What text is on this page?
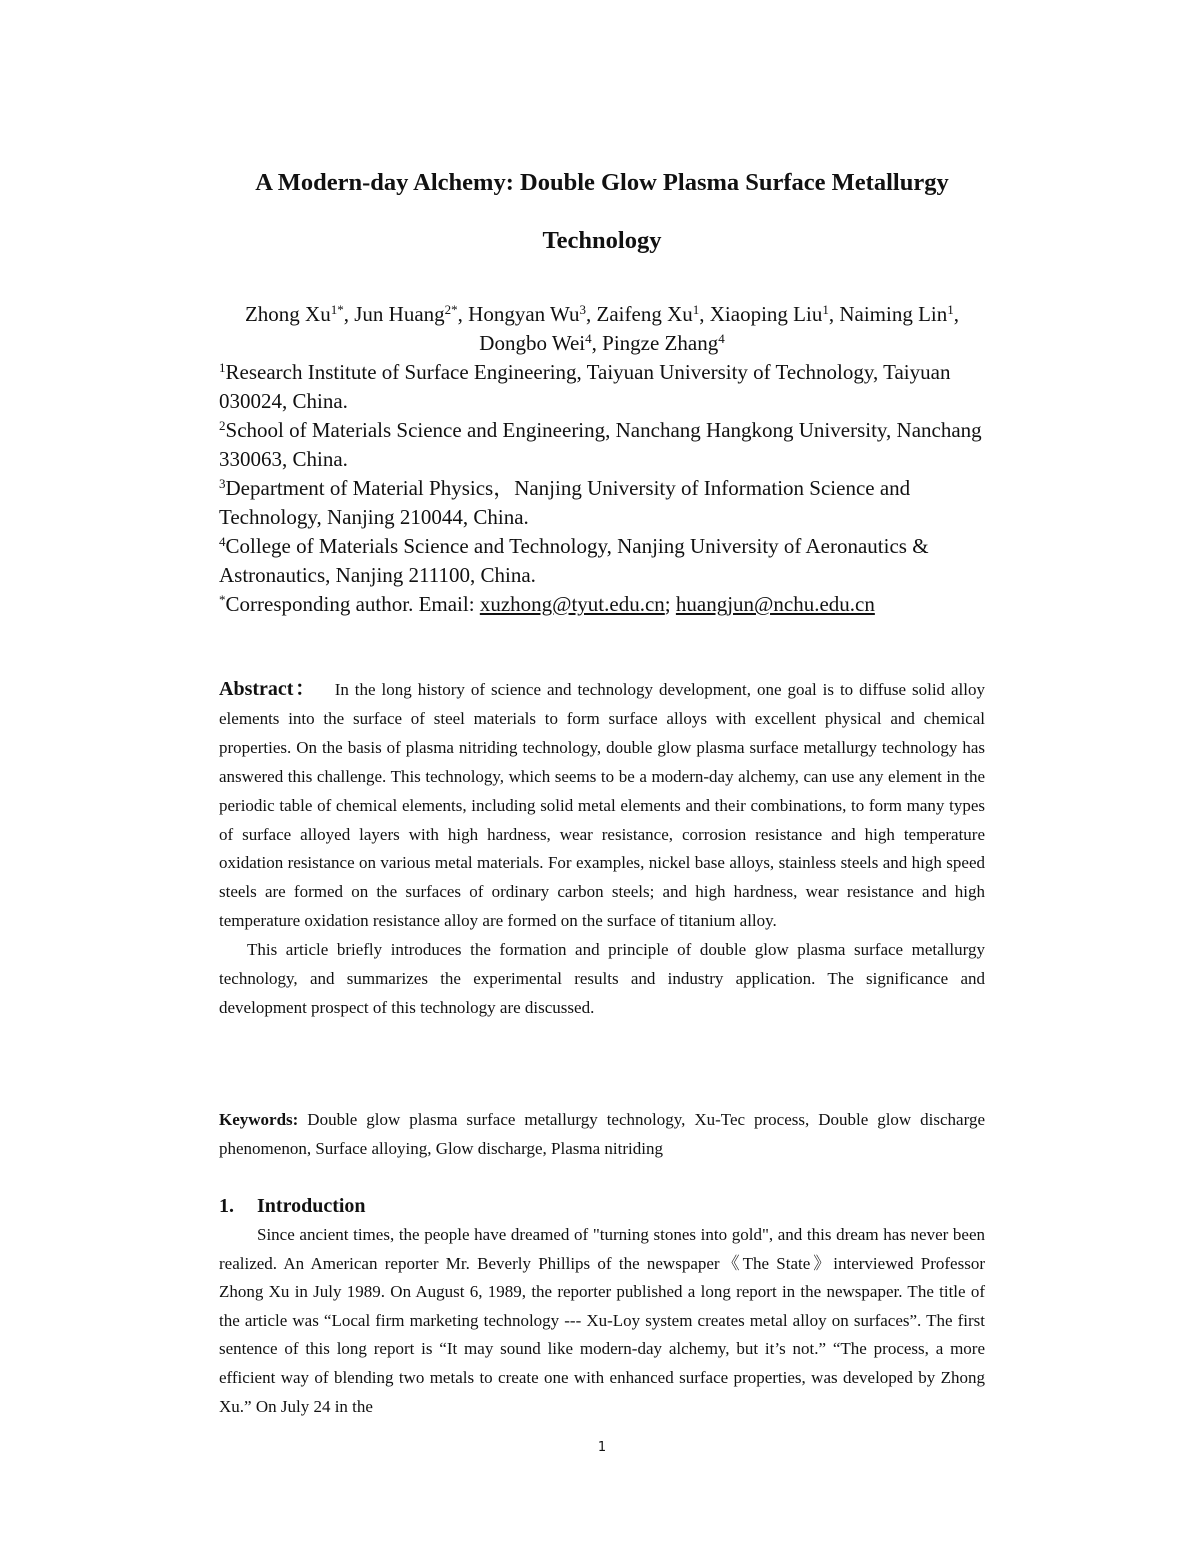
A Modern-day Alchemy: Double Glow Plasma Surface Metallurgy Technology

Zhong $Xu^{1*}$, Jun Huang$^{2*}$, Hongyan Wu$^3$, Zaifeng Xu$^1$, Xiaoping Liu$^1$, Naiming Lin$^1$,
Dongbo Wei$^4$, Pingze Zhang$^4$

$^1$Research Institute of Surface Engineering, Taiyuan University of Technology, Taiyuan 030024, China.

$^2$School of Materials Science and Engineering, Nanchang Hangkong University, Nanchang 330063, China.

$^3$Department of Material Physics，Nanjing University of Information Science and Technology, Nanjing 210044, China.

$^4$College of Materials Science and Technology, Nanjing University of Aeronautics & Astronautics, Nanjing 211100, China.

*Corresponding author. Email: xuzhong@tyut.edu.cn; huangjun@nchu.edu.cn

Abstract： In the long history of science and technology development, one goal is to diffuse solid alloy elements into the surface of steel materials to form surface alloys with excellent physical and chemical properties. On the basis of plasma nitriding technology, double glow plasma surface metallurgy technology has answered this challenge. This technology, which seems to be a modern-day alchemy, can use any element in the periodic table of chemical elements, including solid metal elements and their combinations, to form many types of surface alloyed layers with high hardness, wear resistance, corrosion resistance and high temperature oxidation resistance on various metal materials. For examples, nickel base alloys, stainless steels and high speed steels are formed on the surfaces of ordinary carbon steels; and high hardness, wear resistance and high temperature oxidation resistance alloy are formed on the surface of titanium alloy.

This article briefly introduces the formation and principle of double glow plasma surface metallurgy technology, and summarizes the experimental results and industry application. The significance and development prospect of this technology are discussed.

Keywords: Double glow plasma surface metallurgy technology, Xu-Tec process, Double glow discharge phenomenon, Surface alloying, Glow discharge, Plasma nitriding

1. Introduction

Since ancient times, the people have dreamed of "turning stones into gold", and this dream has never been realized. An American reporter Mr. Beverly Phillips of the newspaper《The State》interviewed Professor Zhong Xu in July 1989. On August 6, 1989, the reporter published a long report in the newspaper. The title of the article was “Local firm marketing technology --- Xu-Loy system creates metal alloy on surfaces”. The first sentence of this long report is “It may sound like modern-day alchemy, but it’s not.” “The process, a more efficient way of blending two metals to create one with enhanced surface properties, was developed by Zhong Xu.” On July 24 in the

1
